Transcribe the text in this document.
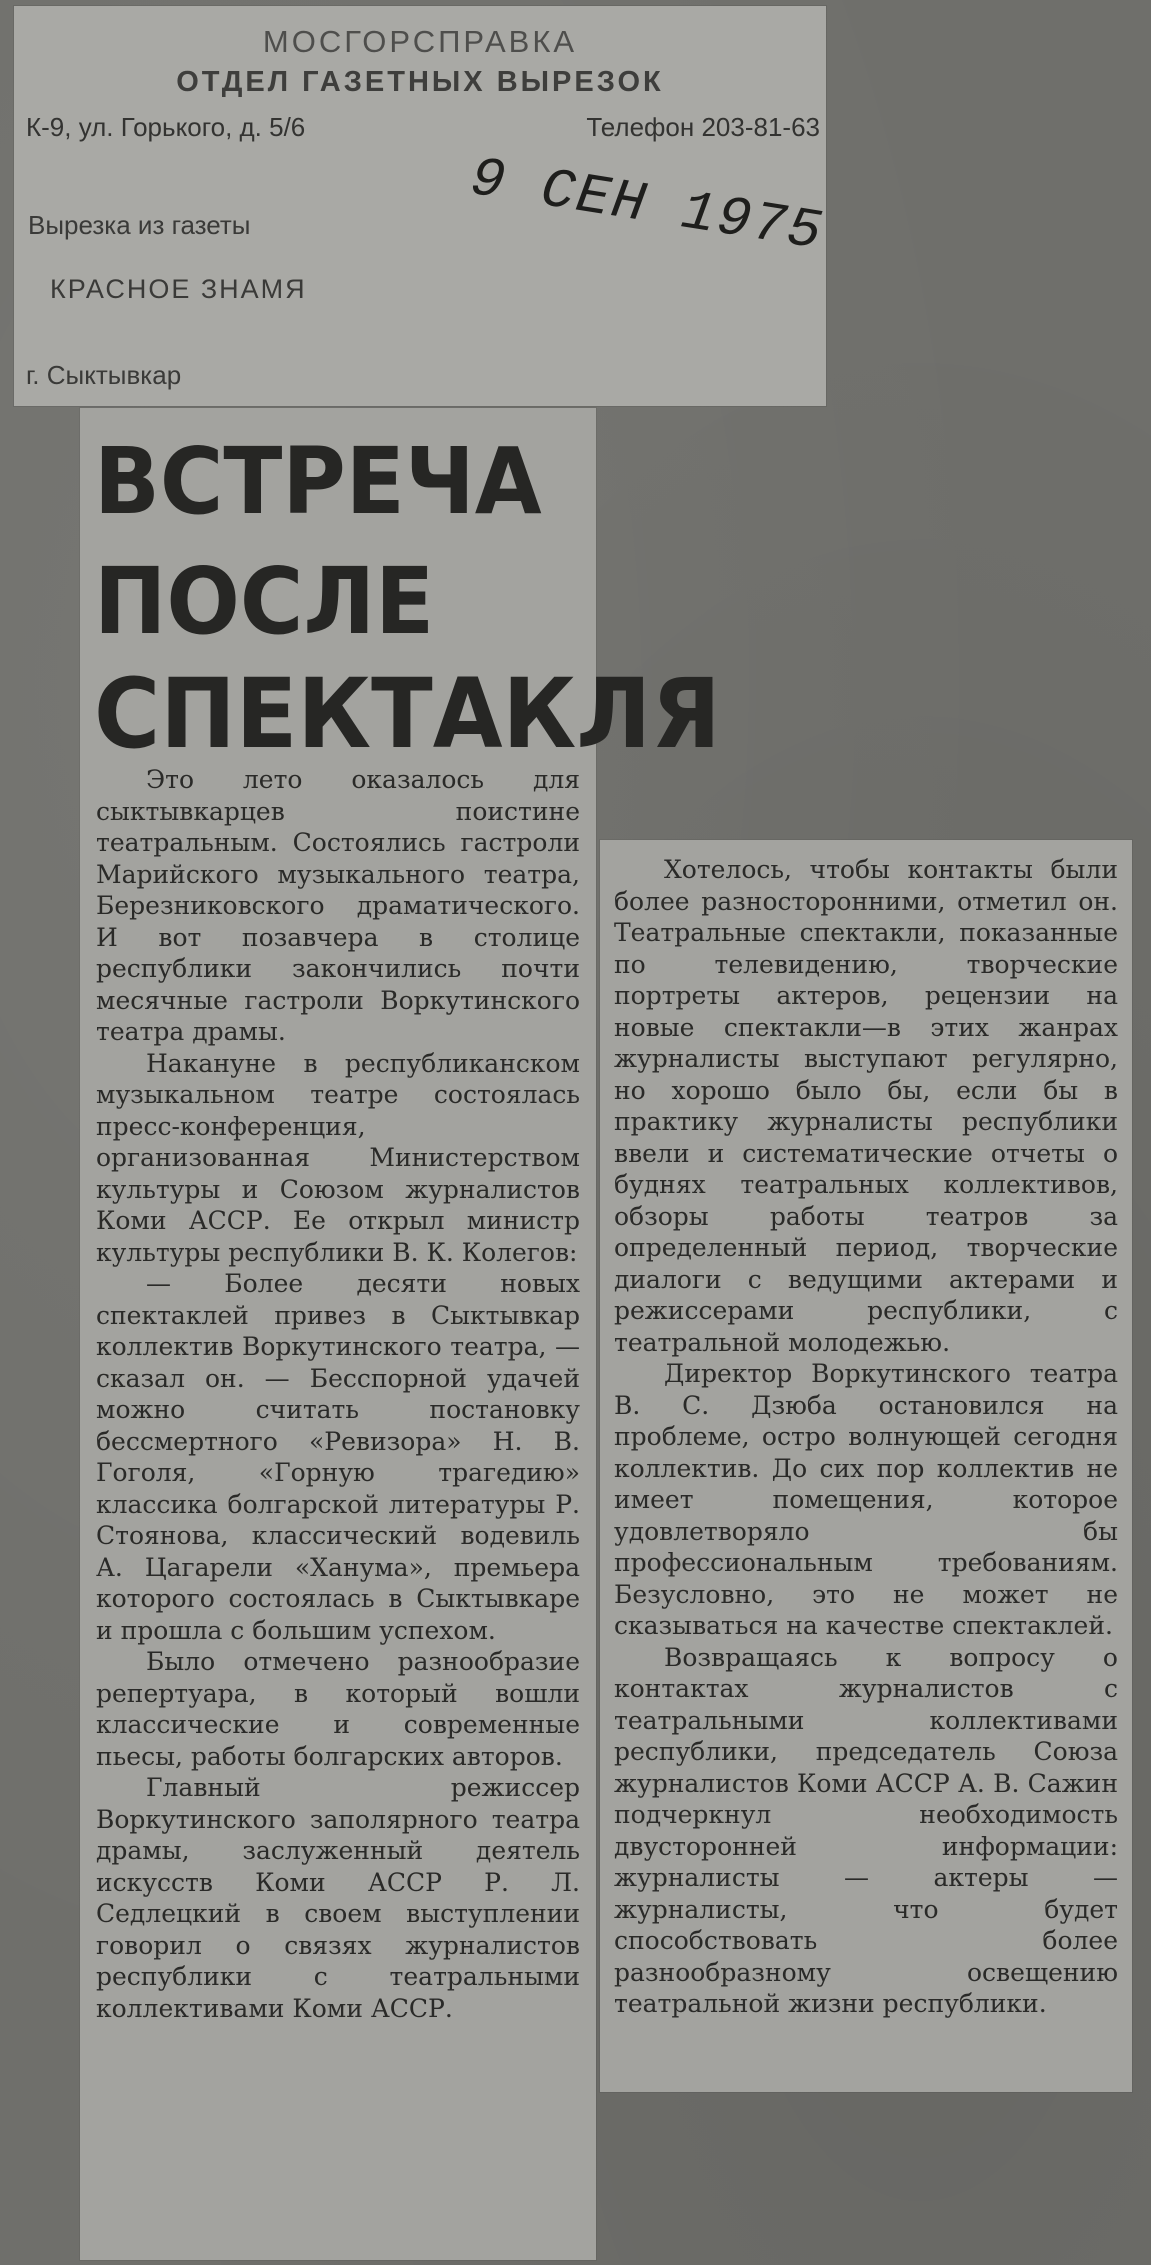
МОСГОРСПРАВКА
ОТДЕЛ ГАЗЕТНЫХ ВЫРЕЗОК
К-9, ул. Горького, д. 5/6	Телефон 203-81-63
Вырезка из газеты
КРАСНОЕ ЗНАМЯ
г. Сыктывкар
9 СЕН 1975
ВСТРЕЧА
ПОСЛЕ
СПЕКТАКЛЯ

Это лето оказалось для сыктывкарцев поистине театральным. Состоялись гастроли Марийского музыкального театра, Березниковского драматического. И вот позавчера в столице республики закончились почти месячные гастроли Воркутинского театра драмы.

Накануне в республиканском музыкальном театре состоялась пресс-конференция, организованная Министерством культуры и Союзом журналистов Коми АССР. Ее открыл министр культуры республики В. К. Колегов:

— Более десяти новых спектаклей привез в Сыктывкар коллектив Воркутинского театра, — сказал он. — Бесспорной удачей можно считать постановку бессмертного «Ревизора» Н. В. Гоголя, «Горную трагедию» классика болгарской литературы Р. Стоянова, классический водевиль А. Цагарели «Ханума», премьера которого состоялась в Сыктывкаре и прошла с большим успехом.

Было отмечено разнообразие репертуара, в который вошли классические и современные пьесы, работы болгарских авторов.

Главный режиссер Воркутинского заполярного театра драмы, заслуженный деятель искусств Коми АССР Р. Л. Седлецкий в своем выступлении говорил о связях журналистов республики с театральными коллективами Коми АССР.

Хотелось, чтобы контакты были более разносторонними, отметил он. Театральные спектакли, показанные по телевидению, творческие портреты актеров, рецензии на новые спектакли—в этих жанрах журналисты выступают регулярно, но хорошо было бы, если бы в практику журналисты республики ввели и систематические отчеты о буднях театральных коллективов, обзоры работы театров за определенный период, творческие диалоги с ведущими актерами и режиссерами республики, с театральной молодежью.

Директор Воркутинского театра В. С. Дзюба остановился на проблеме, остро волнующей сегодня коллектив. До сих пор коллектив не имеет помещения, которое удовлетворяло бы профессиональным требованиям. Безусловно, это не может не сказываться на качестве спектаклей.

Возвращаясь к вопросу о контактах журналистов с театральными коллективами республики, председатель Союза журналистов Коми АССР А. В. Сажин подчеркнул необходимость двусторонней информации: журналисты — актеры — журналисты, что будет способствовать более разнообразному освещению театральной жизни республики.
